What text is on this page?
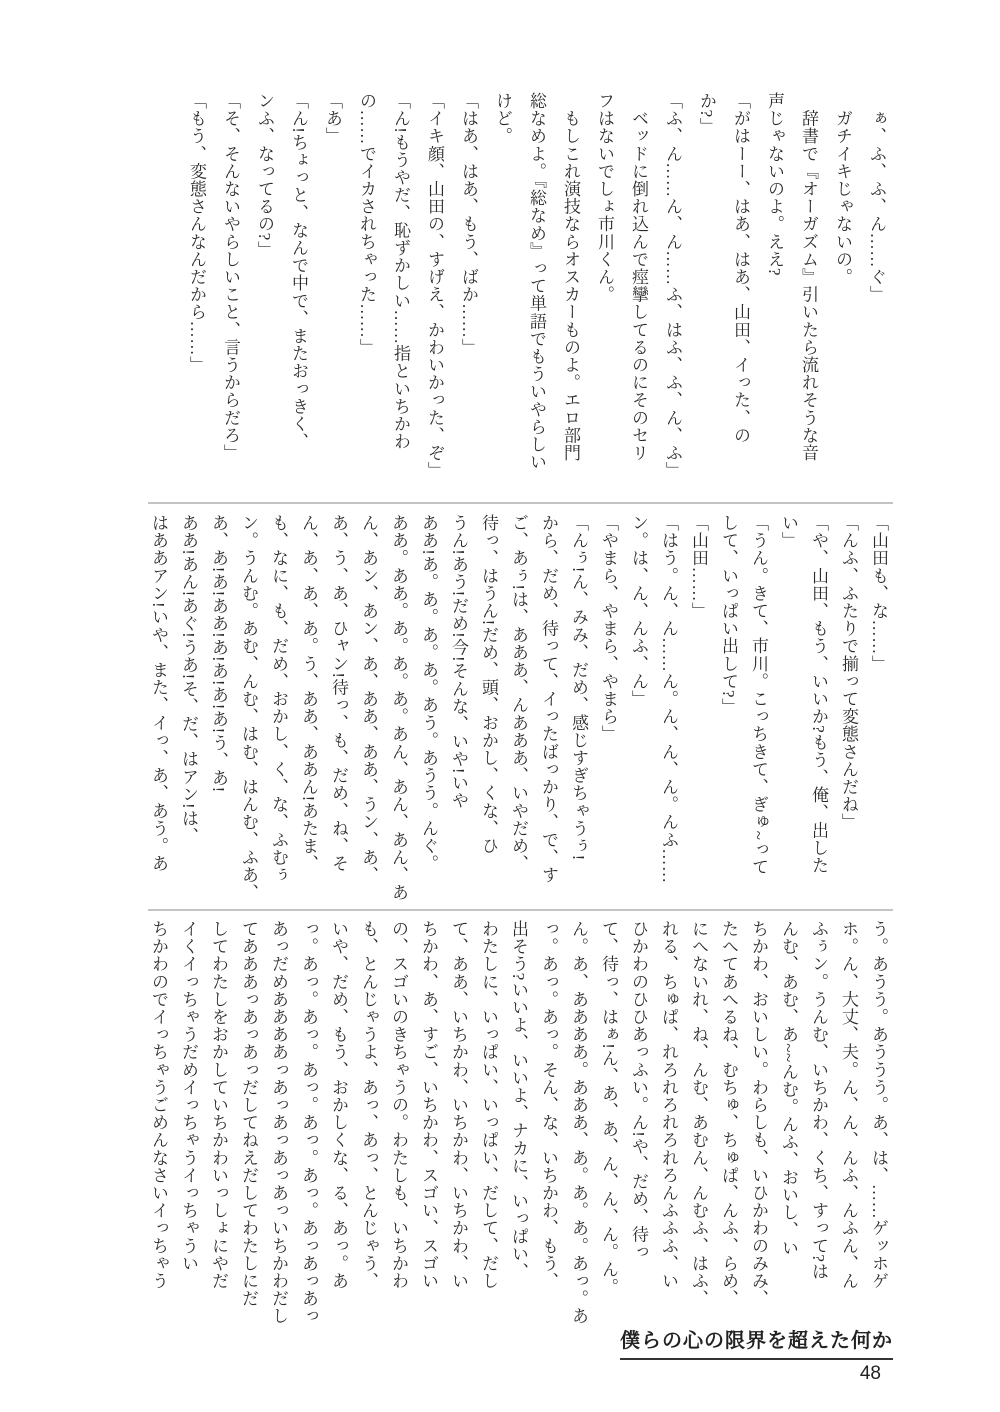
　ぁ、ふ、ふ、ん……ぐ」

　ガチイキじゃないの。

　辞書で『オーガズム』引いたら流れそうな音

声じゃないのよ。ええ?

「がはーー、はあ、はあ、山田、イった、の

か?」

「ふ、ん……ん、ん……ふ、はふ、ふ、ん、ふ」

　ベッドに倒れ込んで痙攣してるのにそのセリ

フはないでしょ市川くん。

　もしこれ演技ならオスカーものよ。エロ部門

総なめよ。『総なめ』って単語でもういやらしい

けど。

「はあ、はあ、もう、ばか……」

「イキ顔、山田の、すげえ、かわいかった、ぞ」

「ん!もうやだ、恥ずかしい……指といちかわ

の……でイカされちゃった……」

「あ」

「ん!ちょっと、なんで中で、またおっきく、

ンふ、なってるの?」

「そ、そんないやらしいこと、言うからだろ」

「もう、変態さんなんだから……」

「山田も、な……」

「んふ、ふたりで揃って変態さんだね」

「や、山田、もう、いいか?もう、俺、出した

い」

「うん。きて、市川。こっちきて、ぎゅ~って

して、いっぱい出して?」

「山田……」

「はう。ん、ん……ん。ん、ん、ん。んふ……

ン。は、ん、んふ、ん」

「やまら、やまら、やまら」

「んぅ!ん、みみ、だめ、感じすぎちゃうぅ!

から、だめ、待って、イったばっかり、で、す

ご、あぅ!は、あああ、んあああ、いやだめ、

待っ、はうん!だめ、頭、おかし、くな、ひ

うん!あう!だめ!今!そんな、いや!いや

ああ!あ。あ。あ。あ。あう。あうう。んぐ。

ああ。ああ。あ。あ。あ。あん、あん、あん、あ

ん、あン、あン、あ、ああ、ああ、うン、あ、

あ、う、あ、ひャン!待っ、も、だめ、ね、そ

ん、あ、あ、あ。う、ああ、ああん!あたま、

も、なに、も、だめ、おかし、く、な、ふむぅ

ン。うんむ。あむ、んむ、はむ、はんむ、ふあ、

あ、あ!あ!ああ!あ!あ!あ!あ!う、あ!

ああ!あん!あぐ!うあ!そ、だ、はアン!は、

はああアン!いや、また、イっ、あ、あう。あ

う。あうう。あううう。あ、は、……ゲッホゲ

ホ。ん、大丈、夫。ん、ん、んふ、んふん、ん

ふぅン。うんむ、いちかわ、くち、すって?は

んむ、あむ、あ~~んむ。んふ、おいし、い

ちかわ、おいしい。わらしも、いひかわのみみ、

たへてあへるね、むちゅ、ちゅぱ、んふ、らめ、

にへないれ、ね、んむ、あむん、んむふ、はふ、

れる、ちゅぱ、れろれろれろれろんふふふ、い

ひかわのひひあっふい。ん!や、だめ、待っ

て、待っ、はぁ!ん、あ、あ、ん、ん、ん。ん。

ん。あ、ああああ。あああ、あ。あ。あ。あっ。あ

っ。あっ。あっ。そん、な、いちかわ、もう、

出そう?いいよ、いいよ、ナカに、いっぱい、

わたしに、いっぱい、いっぱい、だして、だし

て、ああ、いちかわ、いちかわ、いちかわ、い

ちかわ、あ、すご、いちかわ、スゴい、スゴい

の、スゴいのきちゃうの。わたしも、いちかわ

も、とんじゃうよ、あっ、あっ、とんじゃう、

いや、だめ、もう、おかしくな、る、あっ。あ

っ。あっ。あっ。あっ。あっ。あっ。あっあっあっ

あっだめああああっあっあっあっあっいちかわだし

てあああっあっあっだしてねえだしてわたしにだ

してわたしをおかしていちかわいっしょにやだ

イくイっちゃうだめイっちゃうイっちゃうい

ちかわのでイっちゃうごめんなさいイっちゃう

僕らの心の限界を超えた何か
48
